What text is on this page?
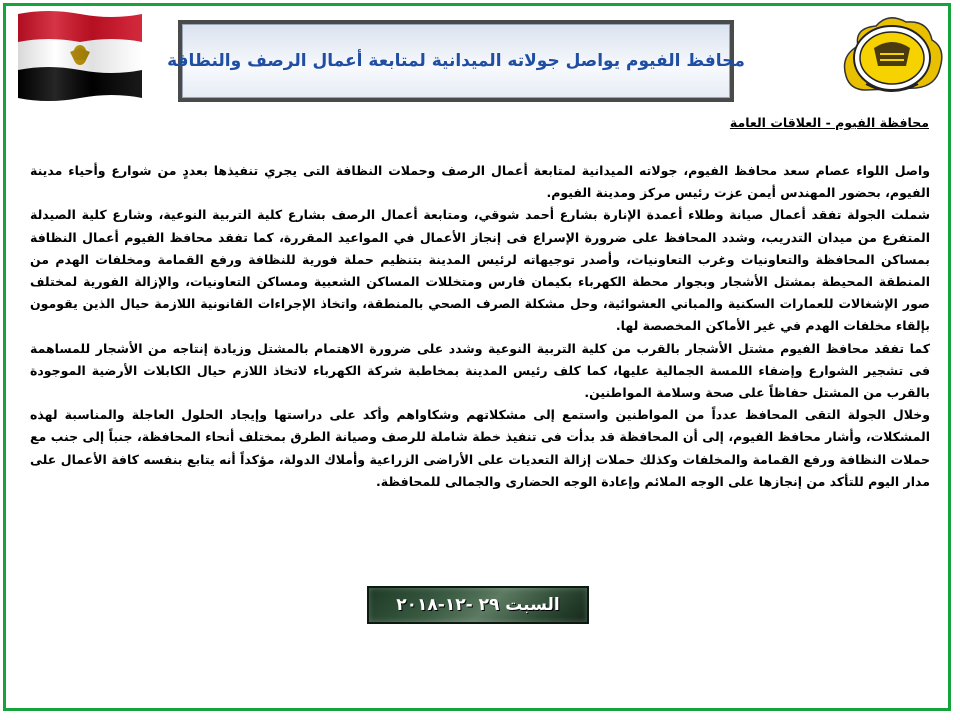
محافظ الفيوم يواصل جولاته الميدانية لمتابعة أعمال الرصف والنظافة
محافظة الفيوم - العلاقات العامة

واصل اللواء عصام سعد محافظ الفيوم، جولاته الميدانية لمتابعة أعمال الرصف وحملات النظافة التى يجري تنفيذها بعددٍ من شوارع وأحياء مدينة الفيوم، بحضور المهندس أيمن عزت رئيس مركز ومدينة الفيوم.

شملت الجولة تفقد أعمال صيانة وطلاء أعمدة الإنارة بشارع أحمد شوقي، ومتابعة أعمال الرصف بشارع كلية التربية النوعية، وشارع كلية الصيدلة المتفرع من ميدان التدريب، وشدد المحافظ على ضرورة الإسراع فى إنجاز الأعمال في المواعيد المقررة، كما تفقد محافظ الفيوم أعمال النظافة بمساكن المحافظة والتعاونيات وغرب التعاونيات، وأصدر توجيهاته لرئيس المدينة بتنظيم حملة فورية للنظافة ورفع القمامة ومخلفات الهدم من المنطقة المحيطة بمشتل الأشجار وبجوار محطة الكهرباء بكيمان فارس ومتخللات المساكن الشعبية ومساكن التعاونيات، والإزالة الفورية لمختلف صور الإشغالات للعمارات السكنية والمباني العشوائية، وحل مشكلة الصرف الصحي بالمنطقة، واتخاذ الإجراءات القانونية اللازمة حيال الذين يقومون بإلقاء مخلفات الهدم في غير الأماكن المخصصة لها.

كما تفقد محافظ الفيوم مشتل الأشجار بالقرب من كلية التربية النوعية وشدد على ضرورة الاهتمام بالمشتل وزيادة إنتاجه من الأشجار للمساهمة فى تشجير الشوارع وإضفاء اللمسة الجمالية عليها، كما كلف رئيس المدينة بمخاطبة شركة الكهرباء لاتخاذ اللازم حيال الكابلات الأرضية الموجودة بالقرب من المشتل حفاظاً على صحة وسلامة المواطنين.

وخلال الجولة التقى المحافظ عدداً من المواطنين واستمع إلى مشكلاتهم وشكاواهم وأكد على دراستها وإيجاد الحلول العاجلة والمناسبة لهذه المشكلات، وأشار محافظ الفيوم، إلى أن المحافظة قد بدأت فى تنفيذ خطة شاملة للرصف وصيانة الطرق بمختلف أنحاء المحافظة، جنباً إلى جنب مع حملات النظافة ورفع القمامة والمخلفات وكذلك حملات إزالة التعديات على الأراضى الزراعية وأملاك الدولة، مؤكداً أنه يتابع بنفسه كافة الأعمال على مدار اليوم للتأكد من إنجازها على الوجه الملائم وإعادة الوجه الحضارى والجمالى للمحافظة.

السبت ٢٩ -١٢-٢٠١٨
